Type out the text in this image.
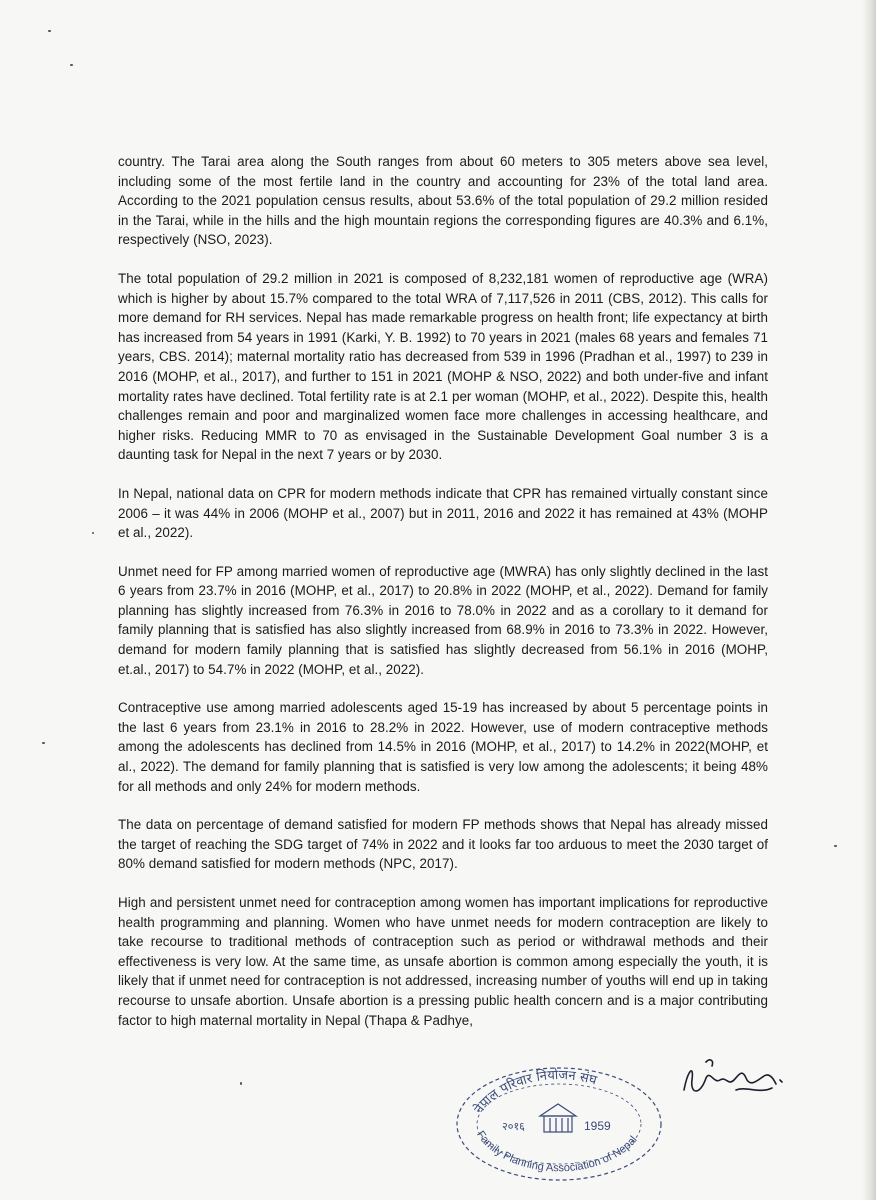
country. The Tarai area along the South ranges from about 60 meters to 305 meters above sea level, including some of the most fertile land in the country and accounting for 23% of the total land area. According to the 2021 population census results, about 53.6% of the total population of 29.2 million resided in the Tarai, while in the hills and the high mountain regions the corresponding figures are 40.3% and 6.1%, respectively (NSO, 2023).

The total population of 29.2 million in 2021 is composed of 8,232,181 women of reproductive age (WRA) which is higher by about 15.7% compared to the total WRA of 7,117,526 in 2011 (CBS, 2012). This calls for more demand for RH services. Nepal has made remarkable progress on health front; life expectancy at birth has increased from 54 years in 1991 (Karki, Y. B. 1992) to 70 years in 2021 (males 68 years and females 71 years, CBS. 2014); maternal mortality ratio has decreased from 539 in 1996 (Pradhan et al., 1997) to 239 in 2016 (MOHP, et al., 2017), and further to 151 in 2021 (MOHP & NSO, 2022) and both under-five and infant mortality rates have declined. Total fertility rate is at 2.1 per woman (MOHP, et al., 2022). Despite this, health challenges remain and poor and marginalized women face more challenges in accessing healthcare, and higher risks. Reducing MMR to 70 as envisaged in the Sustainable Development Goal number 3 is a daunting task for Nepal in the next 7 years or by 2030.

In Nepal, national data on CPR for modern methods indicate that CPR has remained virtually constant since 2006 – it was 44% in 2006 (MOHP et al., 2007) but in 2011, 2016 and 2022 it has remained at 43% (MOHP et al., 2022).

Unmet need for FP among married women of reproductive age (MWRA) has only slightly declined in the last 6 years from 23.7% in 2016 (MOHP, et al., 2017) to 20.8% in 2022 (MOHP, et al., 2022). Demand for family planning has slightly increased from 76.3% in 2016 to 78.0% in 2022 and as a corollary to it demand for family planning that is satisfied has also slightly increased from 68.9% in 2016 to 73.3% in 2022. However, demand for modern family planning that is satisfied has slightly decreased from 56.1% in 2016 (MOHP, et.al., 2017) to 54.7% in 2022 (MOHP, et al., 2022).

Contraceptive use among married adolescents aged 15-19 has increased by about 5 percentage points in the last 6 years from 23.1% in 2016 to 28.2% in 2022. However, use of modern contraceptive methods among the adolescents has declined from 14.5% in 2016 (MOHP, et al., 2017) to 14.2% in 2022(MOHP, et al., 2022). The demand for family planning that is satisfied is very low among the adolescents; it being 48% for all methods and only 24% for modern methods.

The data on percentage of demand satisfied for modern FP methods shows that Nepal has already missed the target of reaching the SDG target of 74% in 2022 and it looks far too arduous to meet the 2030 target of 80% demand satisfied for modern methods (NPC, 2017).

High and persistent unmet need for contraception among women has important implications for reproductive health programming and planning. Women who have unmet needs for modern contraception are likely to take recourse to traditional methods of contraception such as period or withdrawal methods and their effectiveness is very low. At the same time, as unsafe abortion is common among especially the youth, it is likely that if unmet need for contraception is not addressed, increasing number of youths will end up in taking recourse to unsafe abortion. Unsafe abortion is a pressing public health concern and is a major contributing factor to high maternal mortality in Nepal (Thapa & Padhye,

नेपाल परिवार नियोजन संघ
Family Planning Association of Nepal
२०१६	1959
